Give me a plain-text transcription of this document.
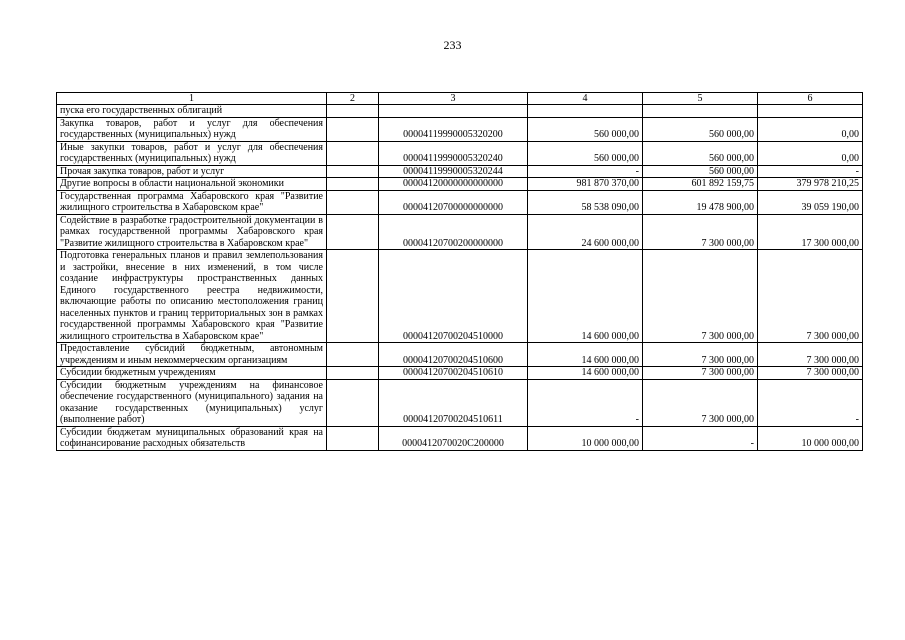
233
1	2	3	4	5	6
пуска его государственных облигаций					
Закупка товаров, работ и услуг для обеспечения государственных (муниципальных) нужд		00004119990005320200	560 000,00	560 000,00	0,00
Иные закупки товаров, работ и услуг для обеспечения государственных (муниципальных) нужд		00004119990005320240	560 000,00	560 000,00	0,00
Прочая закупка товаров, работ и услуг		00004119990005320244	-	560 000,00	-
Другие вопросы в области национальной экономики		00004120000000000000	981 870 370,00	601 892 159,75	379 978 210,25
Государственная программа Хабаровского края "Развитие жилищного строительства в Хабаровском крае"		00004120700000000000	58 538 090,00	19 478 900,00	39 059 190,00
Содействие в разработке градостроительной документации в рамках государственной программы Хабаровского края "Развитие жилищного строительства в Хабаровском крае"		00004120700200000000	24 600 000,00	7 300 000,00	17 300 000,00
Подготовка генеральных планов и правил землепользования и застройки, внесение в них изменений, в том числе создание инфраструктуры пространственных данных Единого государственного реестра недвижимости, включающие работы по описанию местоположения границ населенных пунктов и границ территориальных зон в рамках государственной программы Хабаровского края "Развитие жилищного строительства в Хабаровском крае"		00004120700204510000	14 600 000,00	7 300 000,00	7 300 000,00
Предоставление субсидий бюджетным, автономным учреждениям и иным некоммерческим организациям		00004120700204510600	14 600 000,00	7 300 000,00	7 300 000,00
Субсидии бюджетным учреждениям		00004120700204510610	14 600 000,00	7 300 000,00	7 300 000,00
Субсидии бюджетным учреждениям на финансовое обеспечение государственного (муниципального) задания на оказание государственных (муниципальных) услуг (выполнение работ)		00004120700204510611	-	7 300 000,00	-
Субсидии бюджетам муниципальных образований края на софинансирование расходных обязательств		0000412070020С200000	10 000 000,00	-	10 000 000,00
